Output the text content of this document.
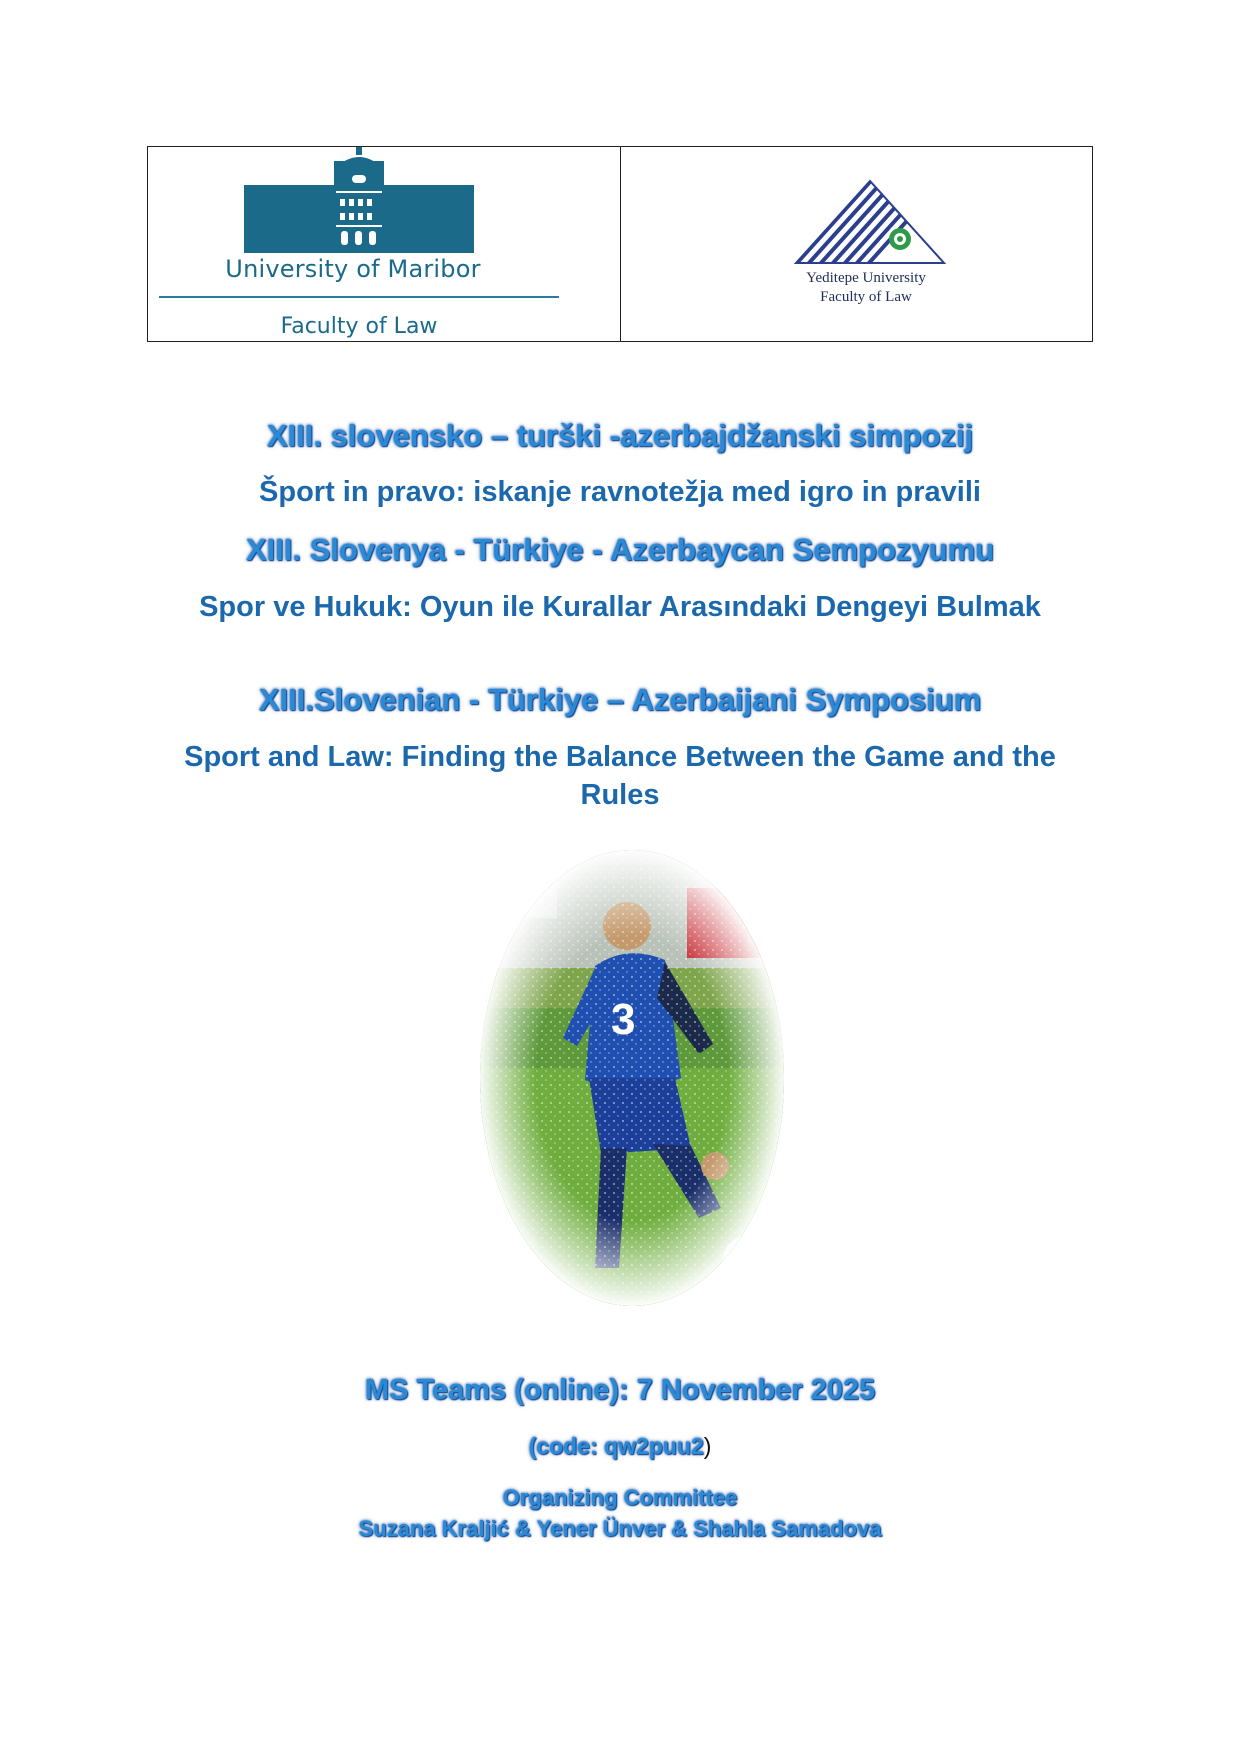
University of Maribor
Faculty of Law
Yeditepe University
Faculty of Law
XIII. slovensko – turški -azerbajdžanski simpozij
Šport in pravo: iskanje ravnotežja med igro in pravili
XIII. Slovenya - Türkiye - Azerbaycan Sempozyumu
Spor ve Hukuk: Oyun ile Kurallar Arasındaki Dengeyi Bulmak
XIII.Slovenian - Türkiye – Azerbaijani Symposium
Sport and Law: Finding the Balance Between the Game and the Rules
MS Teams (online): 7 November 2025
(code: qw2puu2)
Organizing Committee
Suzana Kraljić & Yener Ünver & Shahla Samadova
